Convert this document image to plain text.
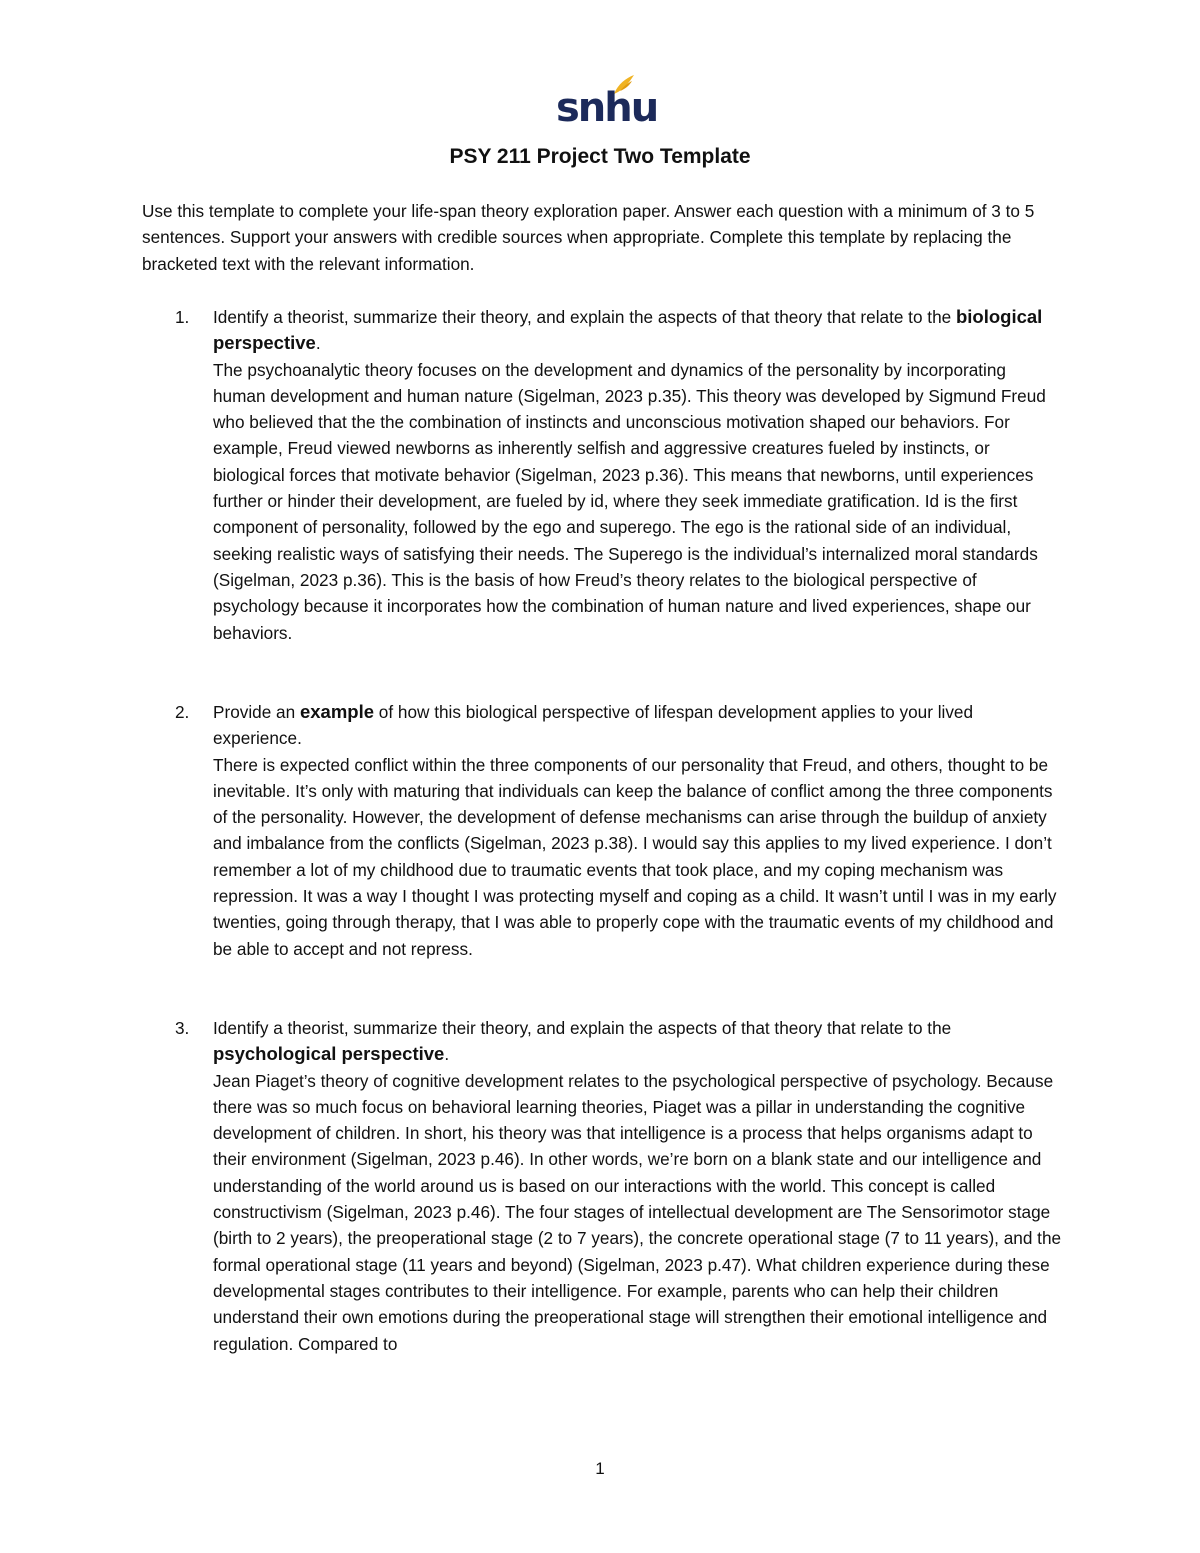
snhu
PSY 211 Project Two Template
Use this template to complete your life-span theory exploration paper. Answer each question with a minimum of 3 to 5 sentences. Support your answers with credible sources when appropriate. Complete this template by replacing the bracketed text with the relevant information.
1. Identify a theorist, summarize their theory, and explain the aspects of that theory that relate to the biological perspective.
The psychoanalytic theory focuses on the development and dynamics of the personality by incorporating human development and human nature (Sigelman, 2023 p.35). This theory was developed by Sigmund Freud who believed that the the combination of instincts and unconscious motivation shaped our behaviors. For example, Freud viewed newborns as inherently selfish and aggressive creatures fueled by instincts, or biological forces that motivate behavior (Sigelman, 2023 p.36). This means that newborns, until experiences further or hinder their development, are fueled by id, where they seek immediate gratification. Id is the first component of personality, followed by the ego and superego. The ego is the rational side of an individual, seeking realistic ways of satisfying their needs. The Superego is the individual’s internalized moral standards (Sigelman, 2023 p.36). This is the basis of how Freud’s theory relates to the biological perspective of psychology because it incorporates how the combination of human nature and lived experiences, shape our behaviors.
2. Provide an example of how this biological perspective of lifespan development applies to your lived experience.
There is expected conflict within the three components of our personality that Freud, and others, thought to be inevitable. It’s only with maturing that individuals can keep the balance of conflict among the three components of the personality. However, the development of defense mechanisms can arise through the buildup of anxiety and imbalance from the conflicts (Sigelman, 2023 p.38). I would say this applies to my lived experience. I don’t remember a lot of my childhood due to traumatic events that took place, and my coping mechanism was repression. It was a way I thought I was protecting myself and coping as a child. It wasn’t until I was in my early twenties, going through therapy, that I was able to properly cope with the traumatic events of my childhood and be able to accept and not repress.
3. Identify a theorist, summarize their theory, and explain the aspects of that theory that relate to the psychological perspective.
Jean Piaget’s theory of cognitive development relates to the psychological perspective of psychology. Because there was so much focus on behavioral learning theories, Piaget was a pillar in understanding the cognitive development of children. In short, his theory was that intelligence is a process that helps organisms adapt to their environment (Sigelman, 2023 p.46). In other words, we’re born on a blank state and our intelligence and understanding of the world around us is based on our interactions with the world. This concept is called constructivism (Sigelman, 2023 p.46). The four stages of intellectual development are The Sensorimotor stage (birth to 2 years), the preoperational stage (2 to 7 years), the concrete operational stage (7 to 11 years), and the formal operational stage (11 years and beyond) (Sigelman, 2023 p.47). What children experience during these developmental stages contributes to their intelligence. For example, parents who can help their children understand their own emotions during the preoperational stage will strengthen their emotional intelligence and regulation. Compared to
1
